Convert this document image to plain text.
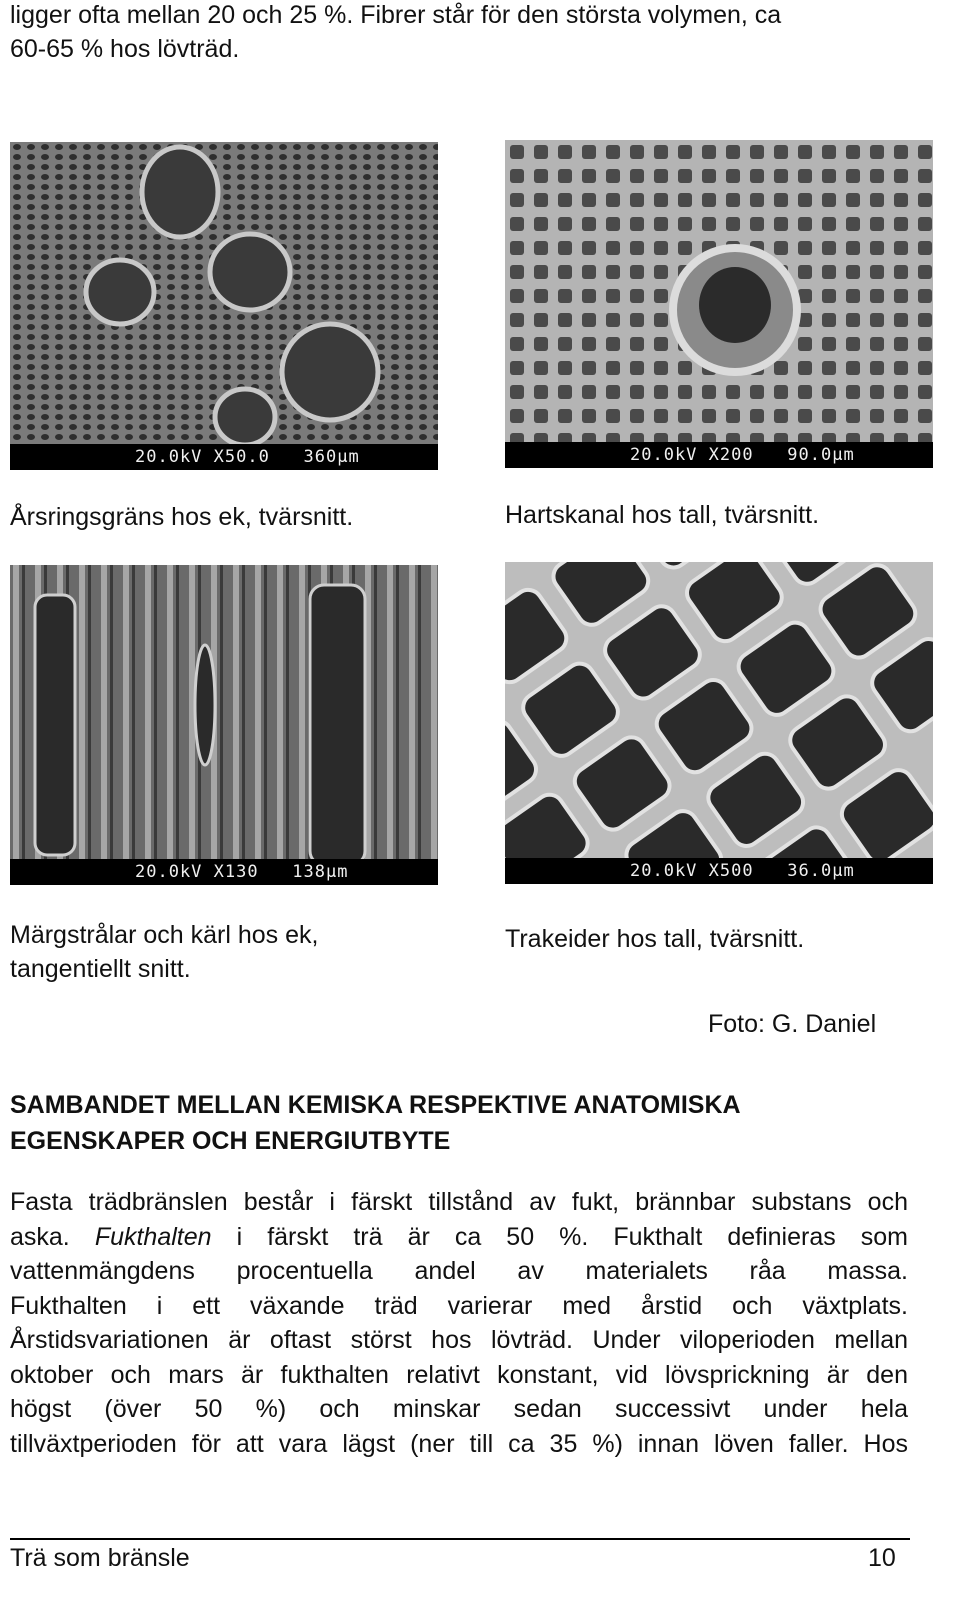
ligger ofta mellan 20 och 25 %. Fibrer står för den största volymen, ca
60-65 % hos lövträd.
20.0kV X50.0   360µm	20.0kV X200   90.0µm
Årsringsgräns hos ek, tvärsnitt.	Hartskanal hos tall, tvärsnitt.
20.0kV X130   138µm	20.0kV X500   36.0µm
Märgstrålar och kärl hos ek,
tangentiellt snitt.
Trakeider hos tall, tvärsnitt.
Foto: G. Daniel
SAMBANDET MELLAN KEMISKA RESPEKTIVE ANATOMISKA
EGENSKAPER OCH ENERGIUTBYTE
Fasta trädbränslen består i färskt tillstånd av fukt, brännbar substans och
aska. Fukthalten i färskt trä är ca 50 %. Fukthalt definieras som
vattenmängdens procentuella andel av materialets råa massa.
Fukthalten i ett växande träd varierar med årstid och växtplats.
Årstidsvariationen är oftast störst hos lövträd. Under viloperioden mellan
oktober och mars är fukthalten relativt konstant, vid lövsprickning är den
högst (över 50 %) och minskar sedan successivt under hela
tillväxtperioden för att vara lägst (ner till ca 35 %) innan löven faller. Hos
Trä som bränsle	10
